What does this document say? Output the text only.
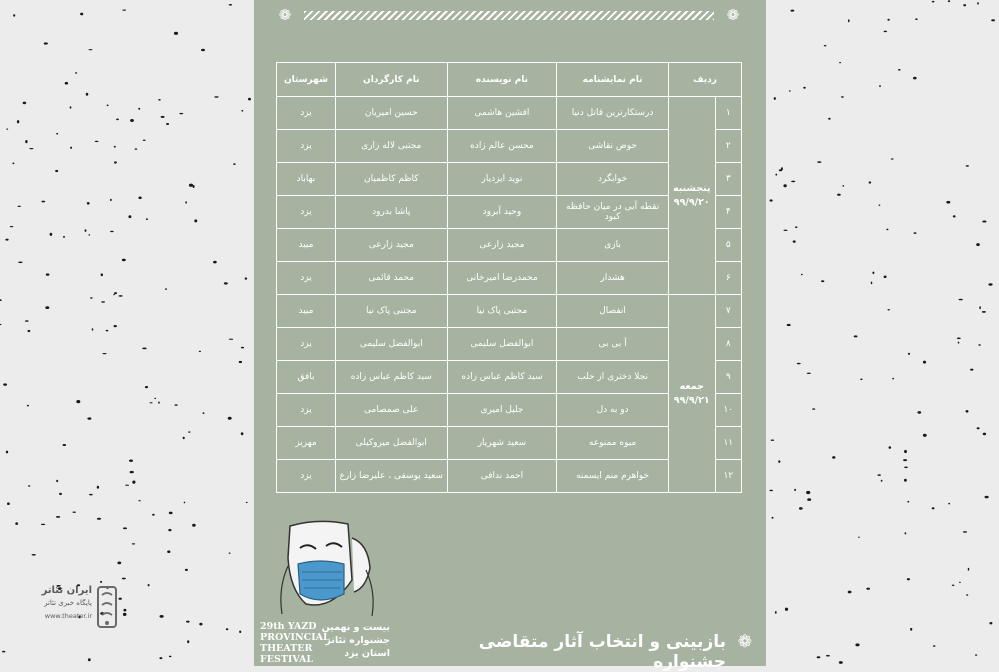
❁
❁
ردیف		نام نمایشنامه	نام نویسنده	نام کارگردان	شهرستان
۱	پنجشنبه ۹۹/۹/۲۰	درستکارترین قاتل دنیا	افشین هاشمی	حسین امیریان	یزد
۲		حوض نقاشی	محسن عالم زاده	مجتبی لاله زاری	یزد
۳		خوابگرد	نوید ایزدیار	کاظم کاظمیان	بهاباد
۴		نقطه آبی در میان حافظه کبود	وحید آبرود	پاشا بدرود	یزد
۵		بازی	مجید زارعی	مجید زارعی	میبد
۶		هشدار	محمدرضا امیرخانی	محمد قائمی	یزد
۷	جمعه ۹۹/۹/۲۱	انفصال	مجتبی پاک نیا	مجتبی پاک نیا	میبد
۸		آ بی بی	ابوالفضل سلیمی	ابوالفضل سلیمی	یزد
۹		نجلا دختری از حلب	سید کاظم عباس زاده	سید کاظم عباس زاده	بافق
۱۰		دو به دل	جلیل امیری	علی صمصامی	یزد
۱۱		میوه ممنوعه	سعید شهریار	ابوالفضل میروکیلی	مهریز
۱۲		خواهرم منم ایسمنه	احمد ندافی	سعید یوسفی ، علیرضا زارع	یزد
29th YAZD
PROVINCIAL
THEATER
FESTIVAL
بیست و نهمین
جشنواره تئاتر
استان یزد
❁
بازبینی و انتخاب آثار متقاضی جشنواره
ایران تئاتر
پایگاه خبری تئاتر
www.theater.ir
